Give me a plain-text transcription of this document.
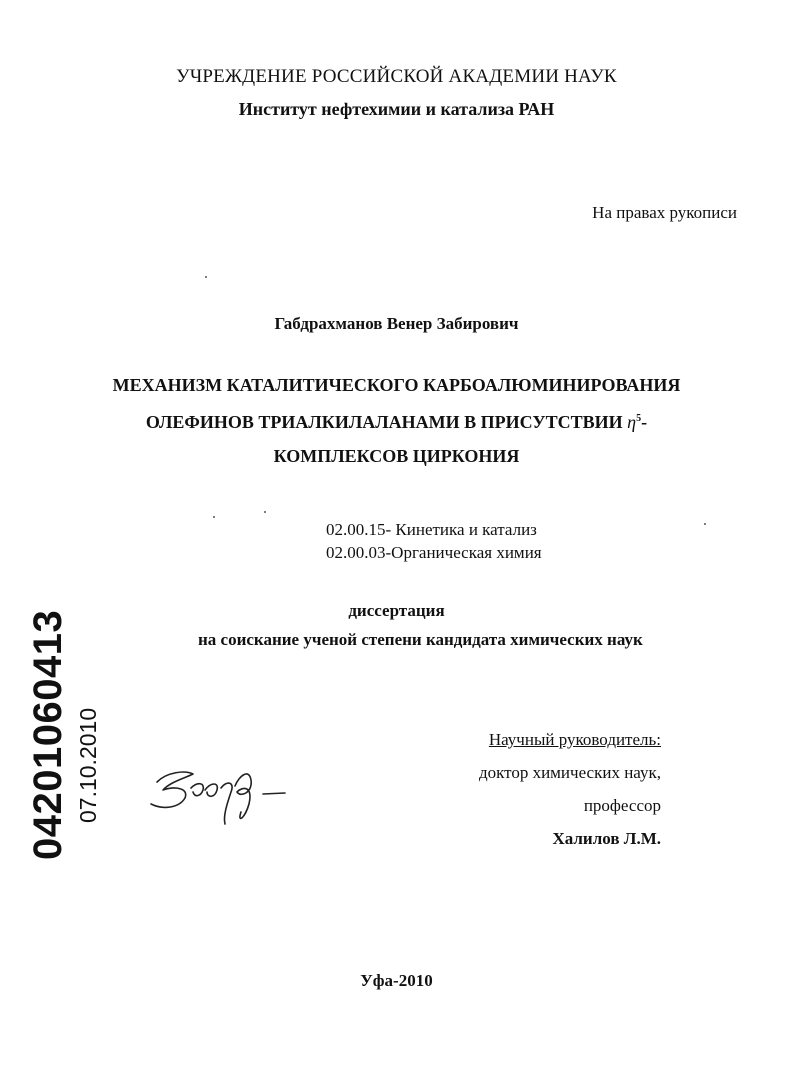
УЧРЕЖДЕНИЕ РОССИЙСКОЙ АКАДЕМИИ НАУК
Институт нефтехимии и катализа РАН
На правах рукописи
Габдрахманов Венер Забирович
МЕХАНИЗМ КАТАЛИТИЧЕСКОГО КАРБОАЛЮМИНИРОВАНИЯ
ОЛЕФИНОВ ТРИАЛКИЛАЛАНАМИ В ПРИСУТСТВИИ $\eta^5-$
КОМПЛЕКСОВ ЦИРКОНИЯ
02.00.15- Кинетика и катализ
02.00.03-Органическая химия
диссертация
на соискание ученой степени кандидата химических наук
Научный руководитель:
доктор химических наук,
профессор
Халилов Л.М.
Уфа-2010
04201060413 07.10.2010
